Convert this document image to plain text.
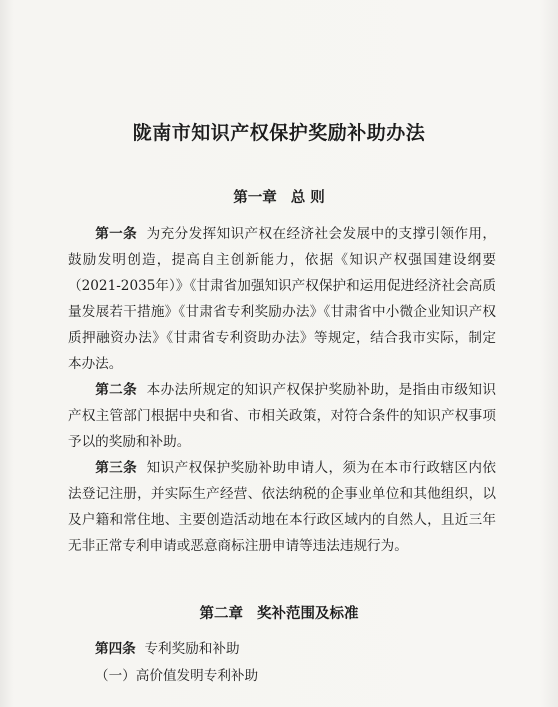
陇南市知识产权保护奖励补助办法
第一章 总 则
第一条 为充分发挥知识产权在经济社会发展中的支撑引领作用，鼓励发明创造，提高自主创新能力，依据《知识产权强国建设纲要（2021-2035年）》《甘肃省加强知识产权保护和运用促进经济社会高质量发展若干措施》《甘肃省专利奖励办法》《甘肃省中小微企业知识产权质押融资办法》《甘肃省专利资助办法》等规定，结合我市实际，制定本办法。
第二条 本办法所规定的知识产权保护奖励补助，是指由市级知识产权主管部门根据中央和省、市相关政策，对符合条件的知识产权事项予以的奖励和补助。
第三条 知识产权保护奖励补助申请人，须为在本市行政辖区内依法登记注册，并实际生产经营、依法纳税的企事业单位和其他组织，以及户籍和常住地、主要创造活动地在本行政区域内的自然人，且近三年无非正常专利申请或恶意商标注册申请等违法违规行为。
第二章 奖补范围及标准
第四条 专利奖励和补助
（一）高价值发明专利补助
